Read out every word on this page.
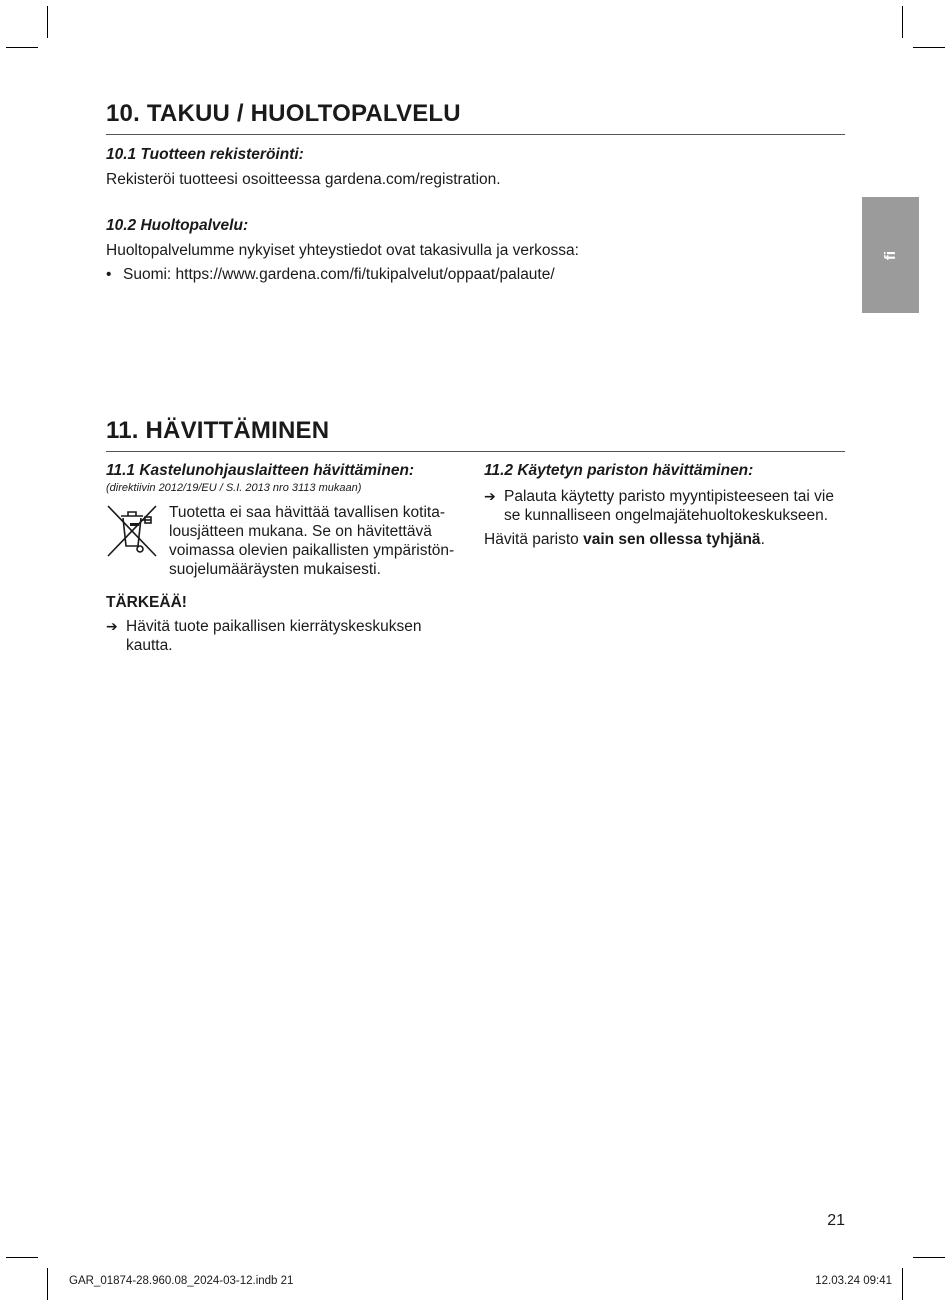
fi
10. TAKUU / HUOLTOPALVELU

10.1 Tuotteen rekisteröinti:

Rekisteröi tuotteesi osoitteessa gardena.com/registration.

10.2 Huoltopalvelu:

Huoltopalvelumme nykyiset yhteystiedot ovat takasivulla ja verkossa:

• Suomi: https://www.gardena.com/fi/tukipalvelut/oppaat/palaute/
11. HÄVITTÄMINEN

11.1 Kastelunohjauslaitteen hävittäminen:

(direktiivin 2012/19/EU / S.I. 2013 nro 3113 mukaan)

Tuotetta ei saa hävittää tavallisen kotita-

lousjätteen mukana. Se on hävitettävä

voimassa olevien paikallisten ympäristön-

suojelumääräysten mukaisesti.

TÄRKEÄÄ!

➔ Hävitä tuote paikallisen kierrätyskeskuksen
kautta.

11.2 Käytetyn pariston hävittäminen:

➔ Palauta käytetty paristo myyntipisteeseen tai vie
se kunnalliseen ongelmajätehuoltokeskukseen.

Hävitä paristo vain sen ollessa tyhjänä.

21
GAR_01874-28.960.08_2024-03-12.indb 21	12.03.24 09:41
